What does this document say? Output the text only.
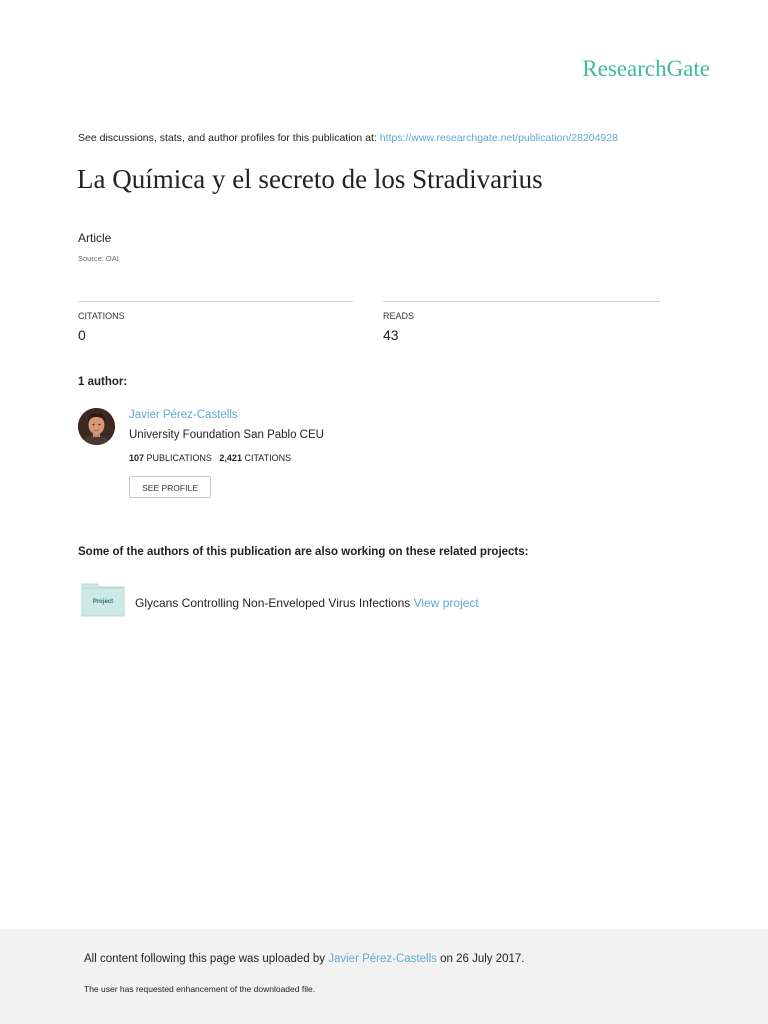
ResearchGate
See discussions, stats, and author profiles for this publication at: https://www.researchgate.net/publication/28204928
La Química y el secreto de los Stradivarius
Article
Source: OAI
CITATIONS
0
READS
43
1 author:
Javier Pérez-Castells
University Foundation San Pablo CEU
107 PUBLICATIONS 2,421 CITATIONS
SEE PROFILE
Some of the authors of this publication are also working on these related projects:
Project	Glycans Controlling Non-Enveloped Virus Infections View project
All content following this page was uploaded by Javier Pérez-Castells on 26 July 2017.
The user has requested enhancement of the downloaded file.
